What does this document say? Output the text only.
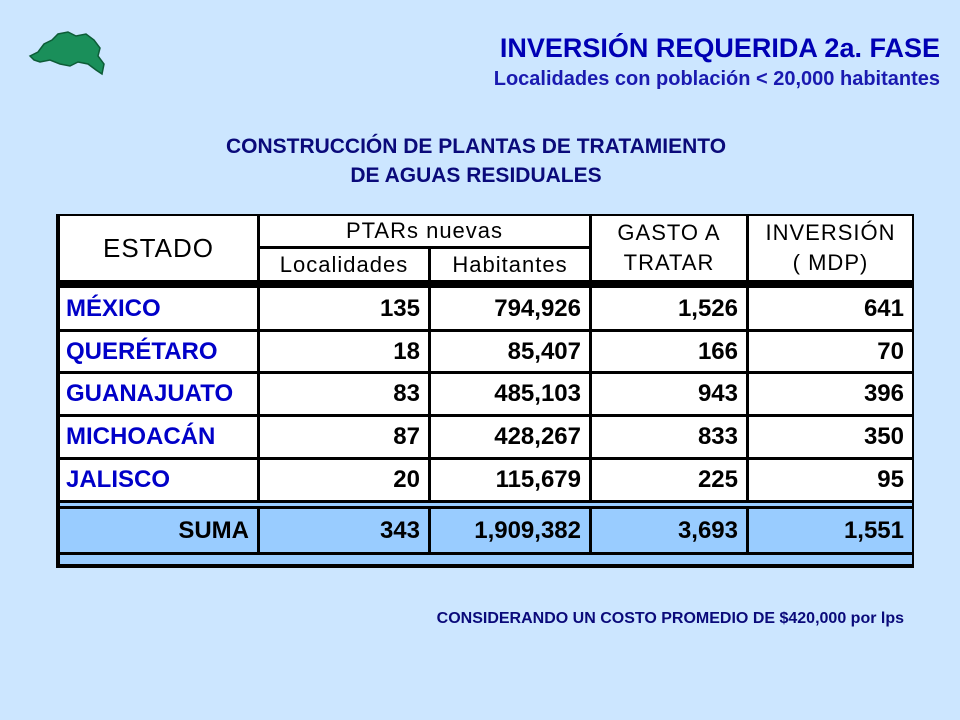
INVERSIÓN REQUERIDA 2a. FASE
Localidades con población < 20,000 habitantes
CONSTRUCCIÓN DE PLANTAS DE TRATAMIENTO
DE AGUAS RESIDUALES
ESTADO
PTARs nuevas
Localidades	Habitantes
GASTO A
TRATAR
INVERSIÓN
( MDP)
MÉXICO	135	794,926	1,526	641
QUERÉTARO	18	85,407	166	70
GUANAJUATO	83	485,103	943	396
MICHOACÁN	87	428,267	833	350
JALISCO	20	115,679	225	95
SUMA	343	1,909,382	3,693	1,551
CONSIDERANDO UN COSTO PROMEDIO DE $420,000 por lps
